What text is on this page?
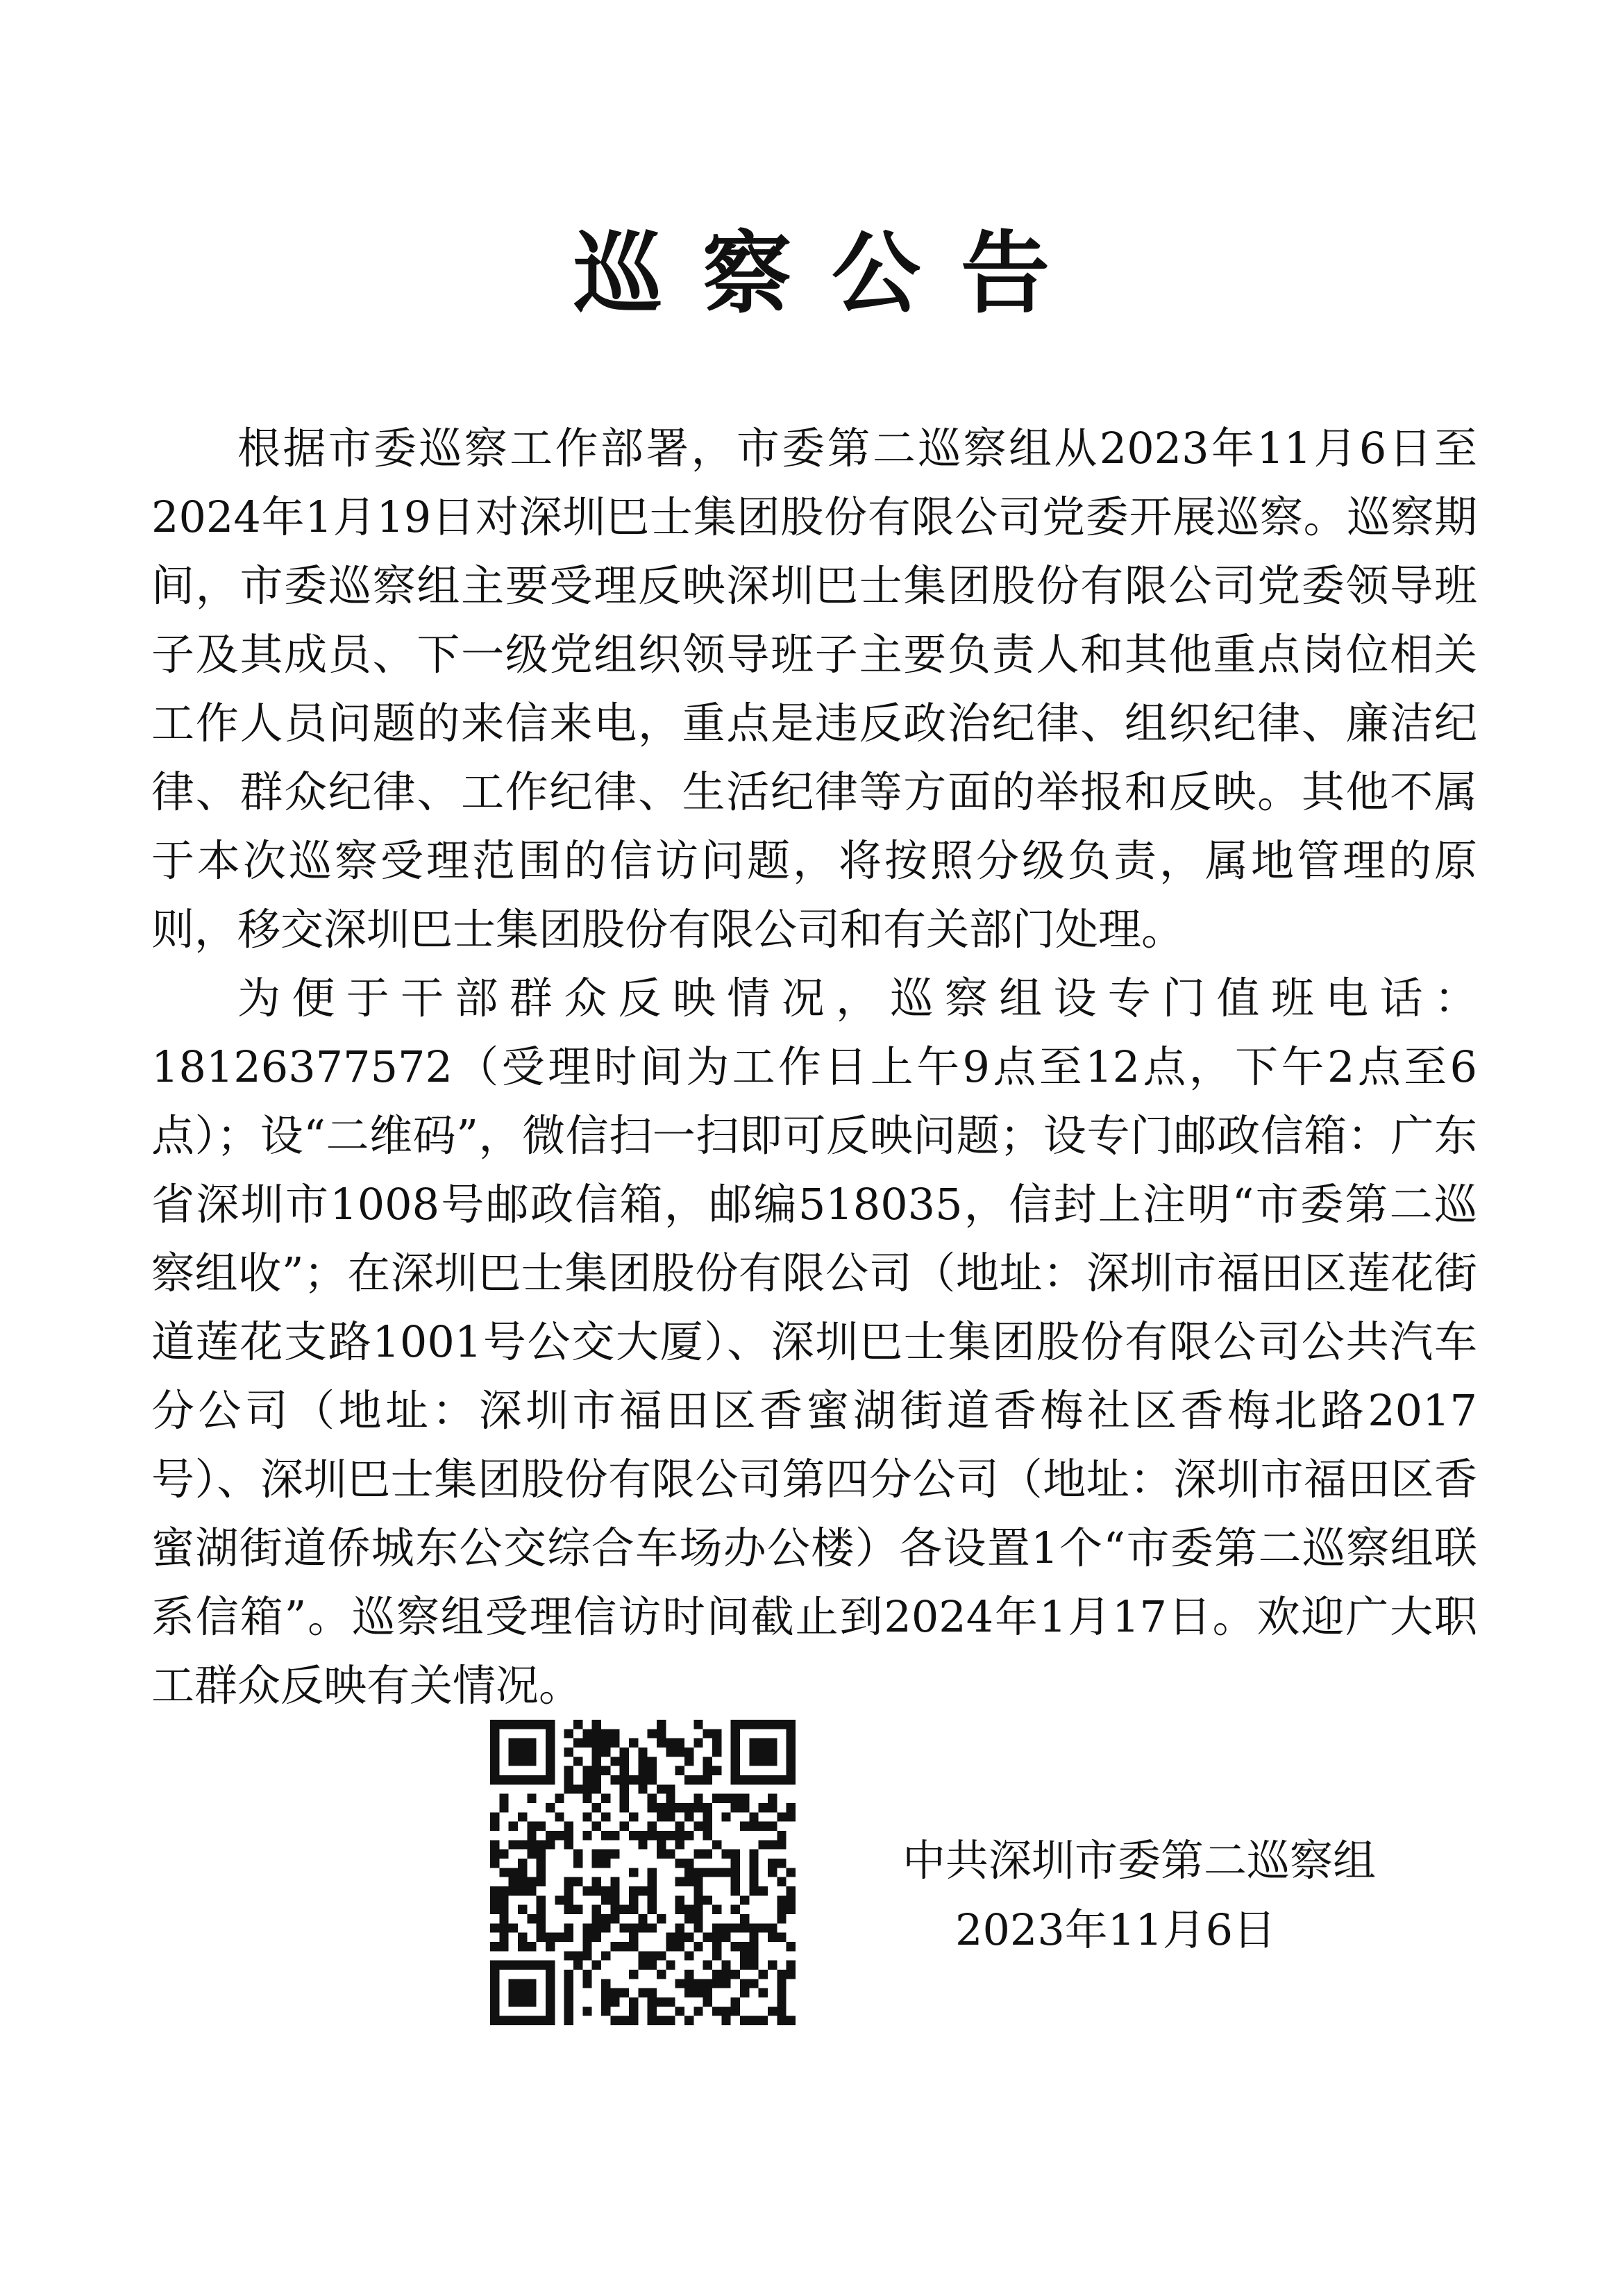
巡察公告

根据市委巡察工作部署，市委第二巡察组从2023年11月6日至2024年1月19日对深圳巴士集团股份有限公司党委开展巡察。巡察期间，市委巡察组主要受理反映深圳巴士集团股份有限公司党委领导班子及其成员、下一级党组织领导班子主要负责人和其他重点岗位相关工作人员问题的来信来电，重点是违反政治纪律、组织纪律、廉洁纪律、群众纪律、工作纪律、生活纪律等方面的举报和反映。其他不属于本次巡察受理范围的信访问题，将按照分级负责，属地管理的原则，移交深圳巴士集团股份有限公司和有关部门处理。

为便于干部群众反映情况，巡察组设专门值班电话：18126377572（受理时间为工作日上午9点至12点，下午2点至6点）；设“二维码”，微信扫一扫即可反映问题；设专门邮政信箱：广东省深圳市1008号邮政信箱，邮编518035，信封上注明“市委第二巡察组收”；在深圳巴士集团股份有限公司（地址：深圳市福田区莲花街道莲花支路1001号公交大厦）、深圳巴士集团股份有限公司公共汽车分公司（地址：深圳市福田区香蜜湖街道香梅社区香梅北路2017号）、深圳巴士集团股份有限公司第四分公司（地址：深圳市福田区香蜜湖街道侨城东公交综合车场办公楼）各设置1个“市委第二巡察组联系信箱”。巡察组受理信访时间截止到2024年1月17日。欢迎广大职工群众反映有关情况。

中共深圳市委第二巡察组
2023年11月6日
